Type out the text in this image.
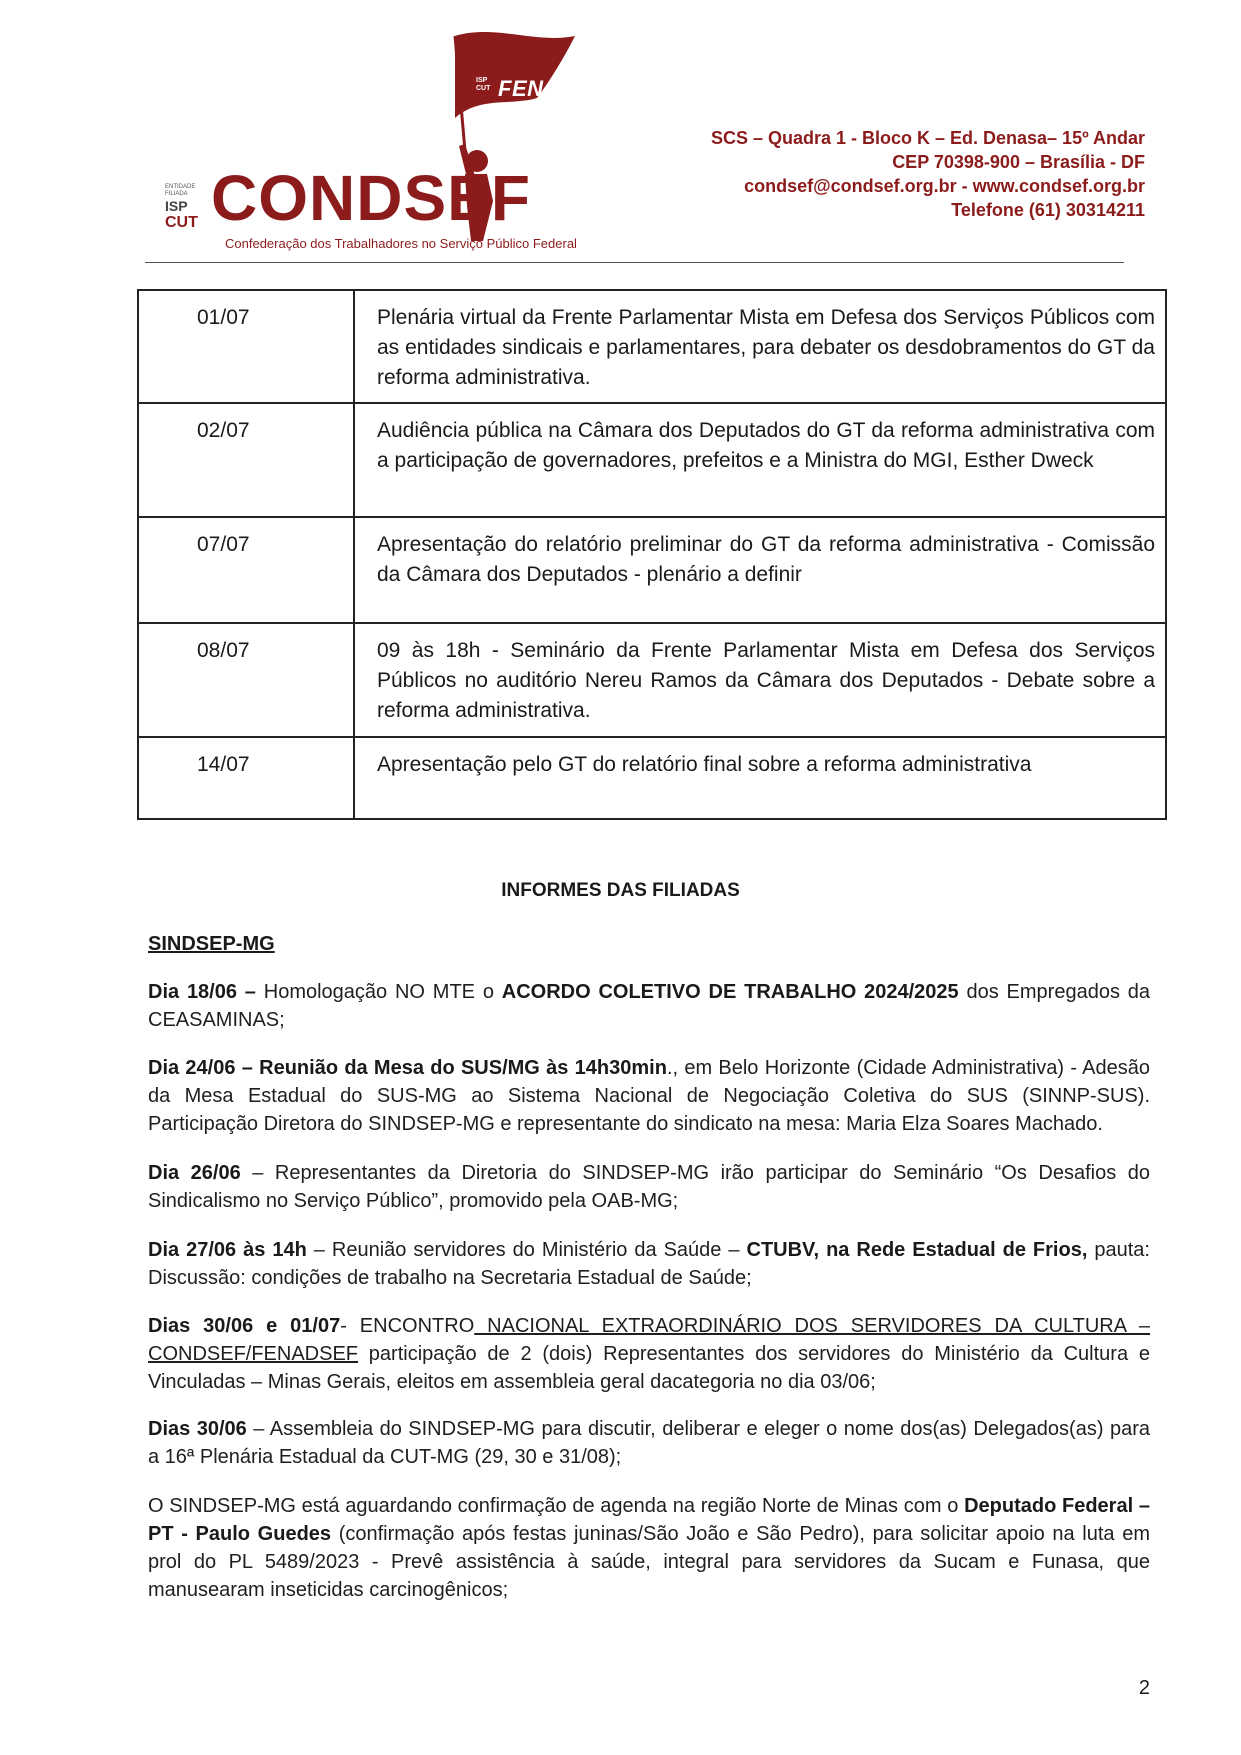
ISP
CUT FENADSEF
ENTIDADE FILIADA
ISP
CUT CONDSEF
Confederação dos Trabalhadores no Serviço Público Federal
SCS – Quadra 1 - Bloco K – Ed. Denasa– 15º Andar
CEP 70398-900 – Brasília - DF
condsef@condsef.org.br - www.condsef.org.br
Telefone (61) 30314211
01/07	Plenária virtual da Frente Parlamentar Mista em Defesa dos Serviços Públicos com as entidades sindicais e parlamentares, para debater os desdobramentos do GT da reforma administrativa.
02/07	Audiência pública na Câmara dos Deputados do GT da reforma administrativa com a participação de governadores, prefeitos e a Ministra do MGI, Esther Dweck
07/07	Apresentação do relatório preliminar do GT da reforma administrativa - Comissão da Câmara dos Deputados - plenário a definir
08/07	09 às 18h - Seminário da Frente Parlamentar Mista em Defesa dos Serviços Públicos no auditório Nereu Ramos da Câmara dos Deputados - Debate sobre a reforma administrativa.
14/07	Apresentação pelo GT do relatório final sobre a reforma administrativa
INFORMES DAS FILIADAS
SINDSEP-MG
Dia 18/06 – Homologação NO MTE o ACORDO COLETIVO DE TRABALHO 2024/2025 dos Empregados da CEASAMINAS;
Dia 24/06 – Reunião da Mesa do SUS/MG às 14h30min., em Belo Horizonte (Cidade Administrativa) - Adesão da Mesa Estadual do SUS-MG ao Sistema Nacional de Negociação Coletiva do SUS (SINNP-SUS). Participação Diretora do SINDSEP-MG e representante do sindicato na mesa: Maria Elza Soares Machado.
Dia 26/06 – Representantes da Diretoria do SINDSEP-MG irão participar do Seminário “Os Desafios do Sindicalismo no Serviço Público”, promovido pela OAB-MG;
Dia 27/06 às 14h – Reunião servidores do Ministério da Saúde – CTUBV, na Rede Estadual de Frios, pauta: Discussão: condições de trabalho na Secretaria Estadual de Saúde;
Dias 30/06 e 01/07- ENCONTRO NACIONAL EXTRAORDINÁRIO DOS SERVIDORES DA CULTURA – CONDSEF/FENADSEF participação de 2 (dois) Representantes dos servidores do Ministério da Cultura e Vinculadas – Minas Gerais, eleitos em assembleia geral dacategoria no dia 03/06;
Dias 30/06 – Assembleia do SINDSEP-MG para discutir, deliberar e eleger o nome dos(as) Delegados(as) para a 16ª Plenária Estadual da CUT-MG (29, 30 e 31/08);
O SINDSEP-MG está aguardando confirmação de agenda na região Norte de Minas com o Deputado Federal – PT - Paulo Guedes (confirmação após festas juninas/São João e São Pedro), para solicitar apoio na luta em prol do PL 5489/2023 - Prevê assistência à saúde, integral para servidores da Sucam e Funasa, que manusearam inseticidas carcinogênicos;
2
